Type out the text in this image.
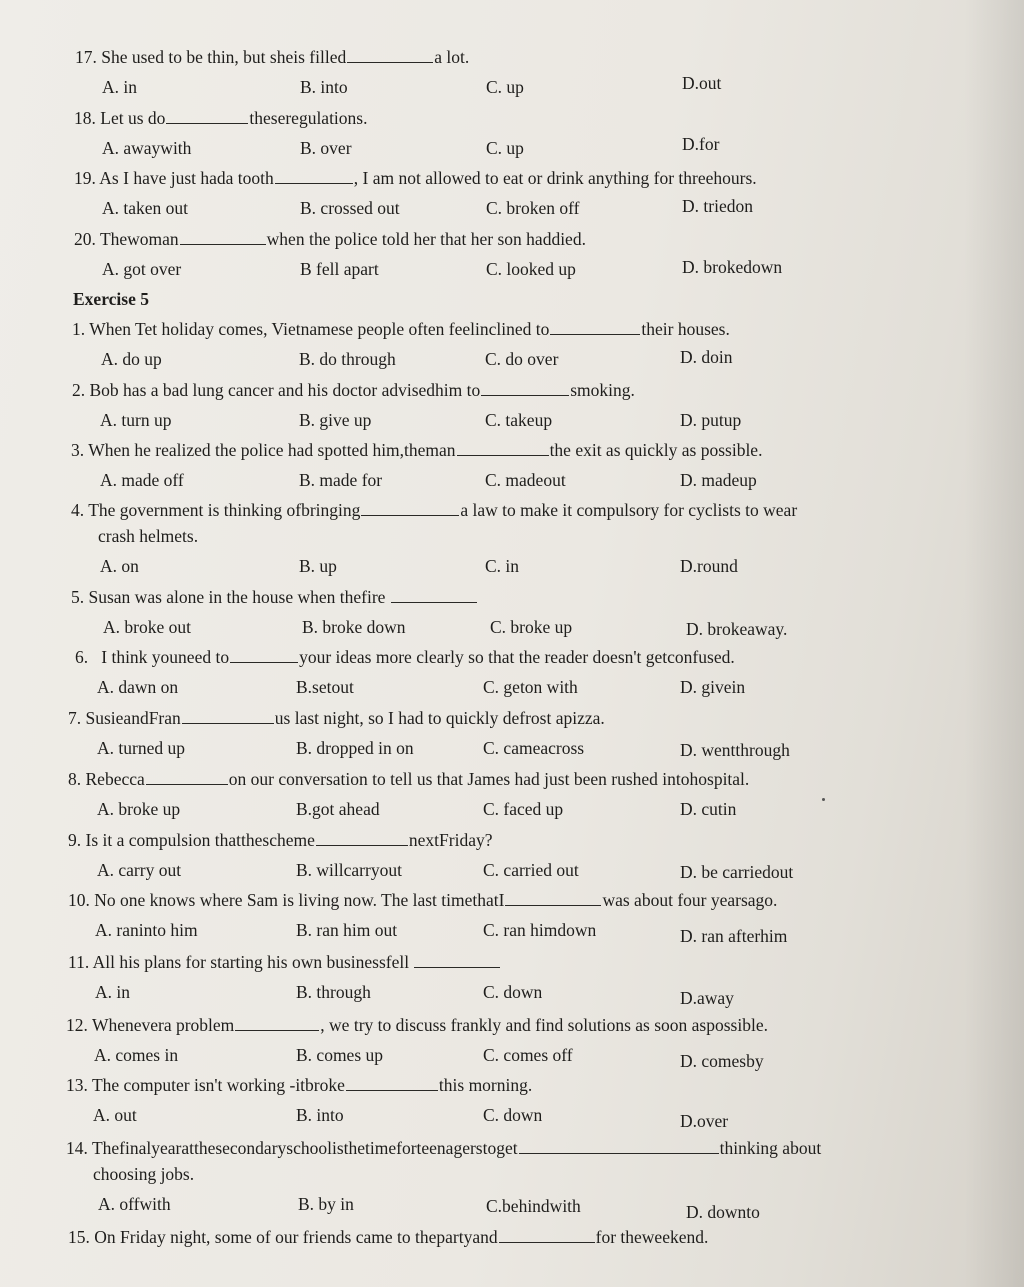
17. She used to be thin, but sheis filled	a lot.
A. in	B. into	C. up	D.out
18. Let us do	theseregulations.
A. awaywith	B. over	C. up	D.for
19. As I have just hada tooth	, I am not allowed to eat or drink anything for threehours.
A. taken out	B. crossed out	C. broken off	D. triedon
20. Thewoman	when the police told her that her son haddied.
A. got over	B fell apart	C. looked up	D. brokedown
Exercise 5
1. When Tet holiday comes, Vietnamese people often feelinclined to	their houses.
A. do up	B. do through	C. do over	D. doin
2. Bob has a bad lung cancer and his doctor advisedhim to	smoking.
A. turn up	B. give up	C. takeup	D. putup
3. When he realized the police had spotted him,theman	the exit as quickly as possible.
A. made off	B. made for	C. madeout	D. madeup
4. The government is thinking ofbringing	a law to make it compulsory for cyclists to wear
crash helmets.
A. on	B. up	C. in	D.round
5. Susan was alone in the house when thefire
A. broke out	B. broke down	C. broke up	D. brokeaway.
6. I think youneed to	your ideas more clearly so that the reader doesn't getconfused.
A. dawn on	B.setout	C. geton with	D. givein
7. SusieandFran	us last night, so I had to quickly defrost apizza.
A. turned up	B. dropped in on	C. cameacross	D. wentthrough
8. Rebecca	on our conversation to tell us that James had just been rushed intohospital.
A. broke up	B.got ahead	C. faced up	D. cutin
9. Is it a compulsion thatthescheme	nextFriday?
A. carry out	B. willcarryout	C. carried out	D. be carriedout
10. No one knows where Sam is living now. The last timethatI	was about four yearsago.
A. raninto him	B. ran him out	C. ran himdown	D. ran afterhim
11. All his plans for starting his own businessfell
A. in	B. through	C. down	D.away
12. Whenevera problem	, we try to discuss frankly and find solutions as soon aspossible.
A. comes in	B. comes up	C. comes off	D. comesby
13. The computer isn't working -itbroke	this morning.
A. out	B. into	C. down	D.over
14. Thefinalyearatthesecondaryschoolisthetimeforteenagerstoget	thinking about
choosing jobs.
A. offwith	B. by in	C.behindwith	D. downto
15. On Friday night, some of our friends came to thepartyand	for theweekend.
